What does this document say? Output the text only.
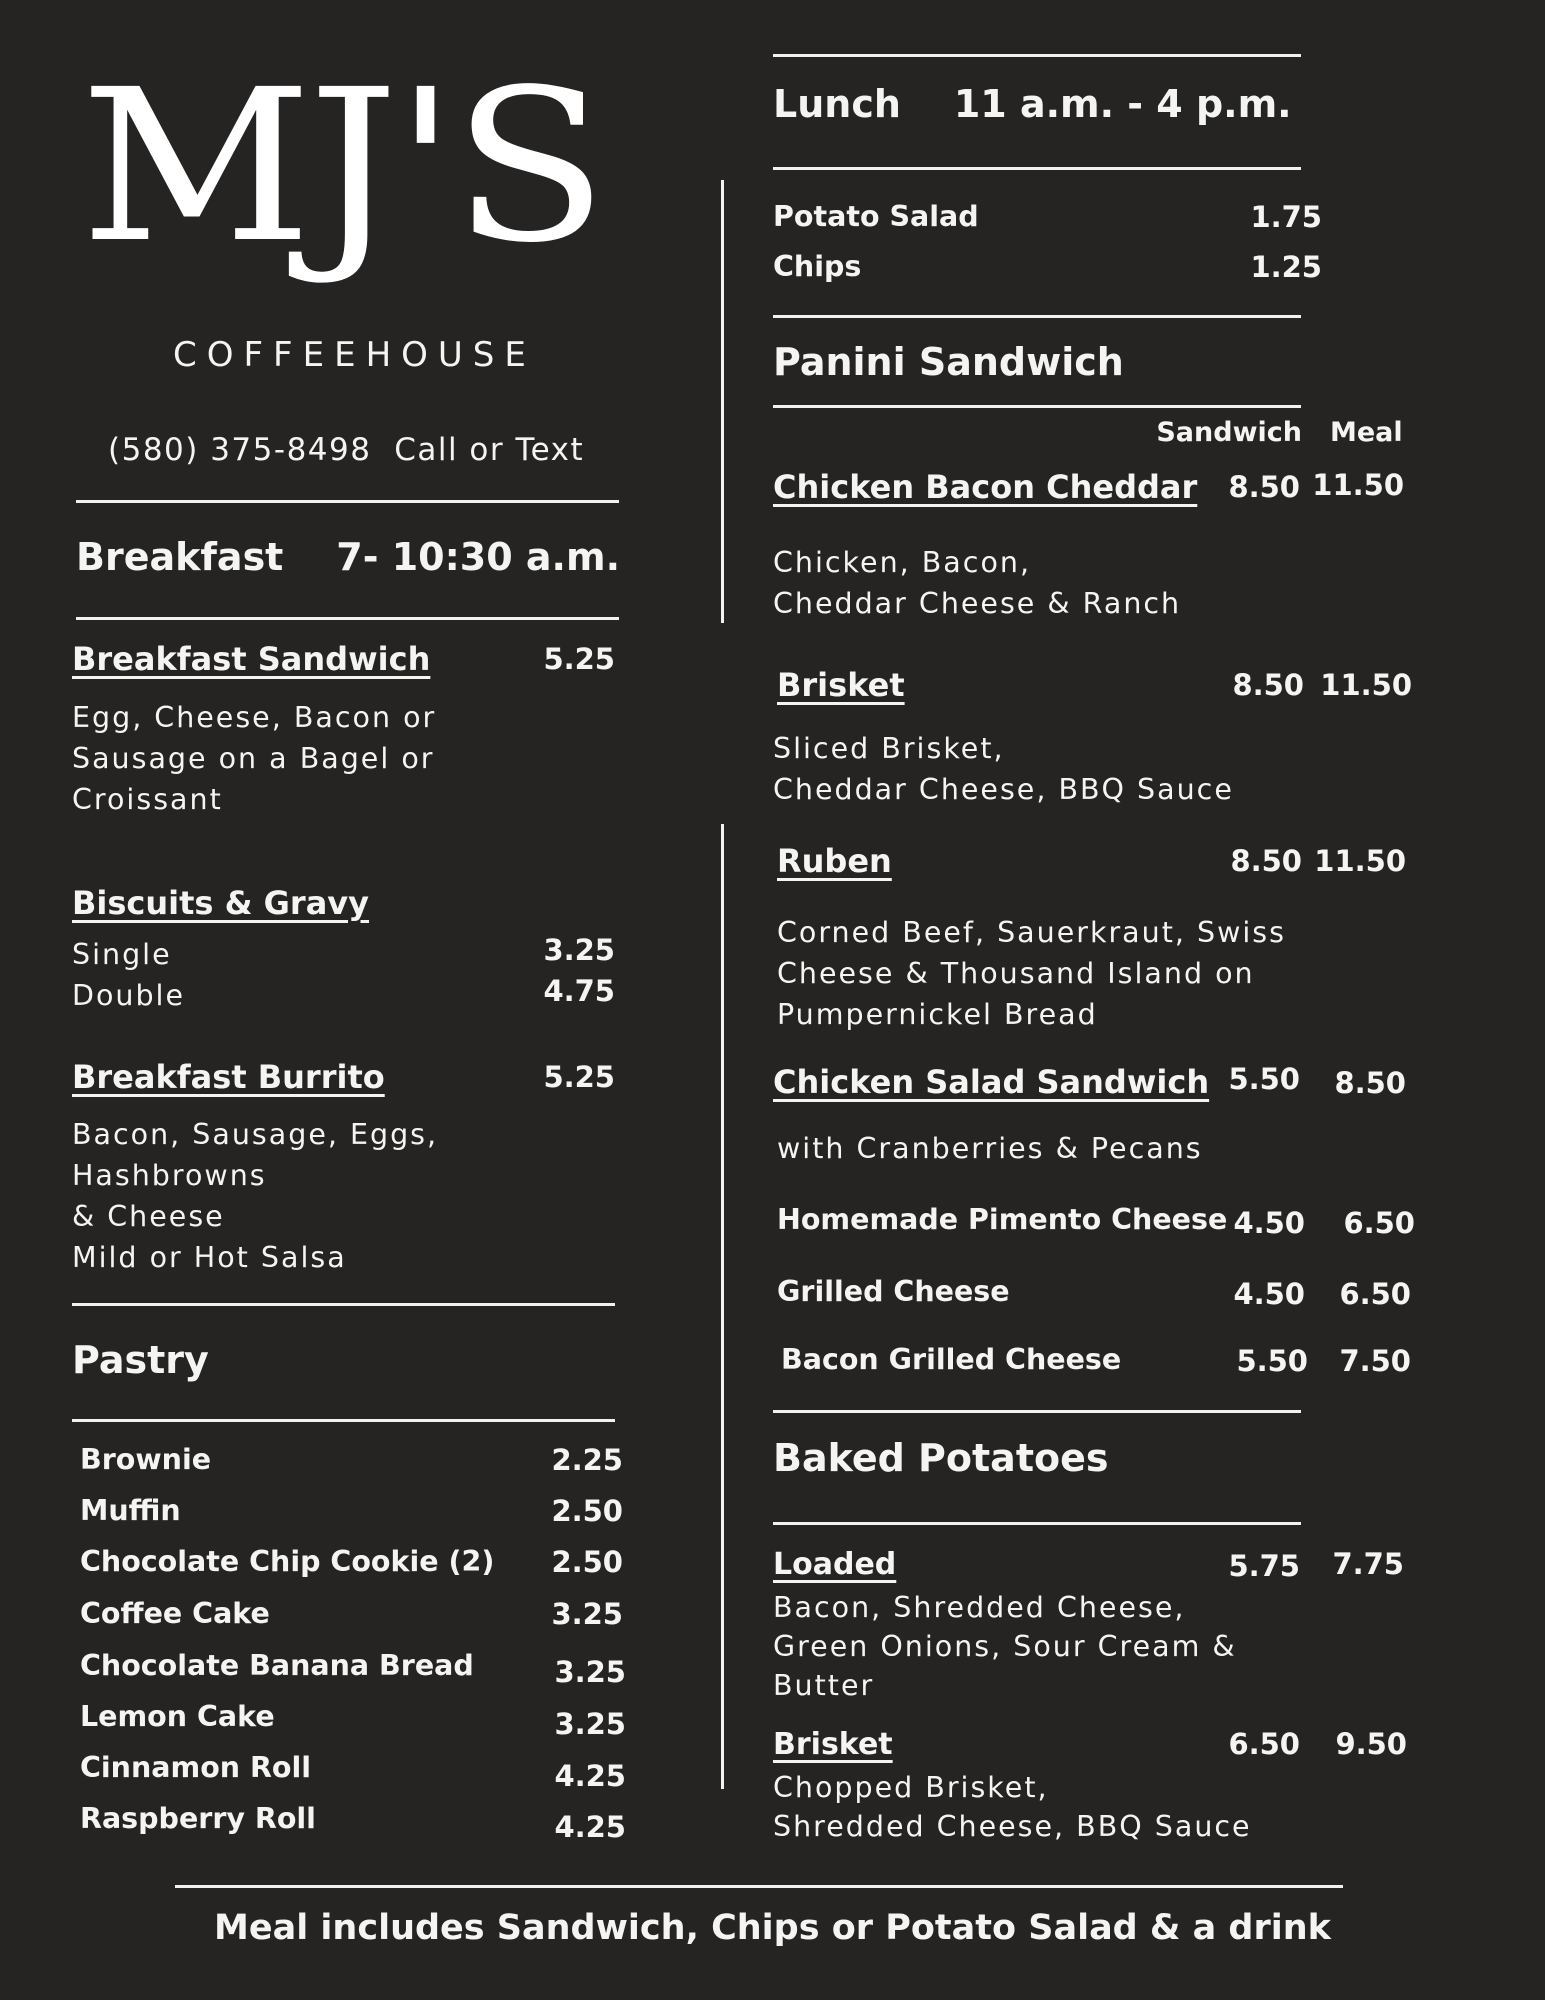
MJ'S
COFFEEHOUSE
(580) 375-8498 Call or Text
Breakfast 7- 10:30 a.m.
Breakfast Sandwich	5.25
Egg, Cheese, Bacon or
Sausage on a Bagel or
Croissant
Biscuits & Gravy
Single	3.25
Double	4.75
Breakfast Burrito	5.25
Bacon, Sausage, Eggs,
Hashbrowns
& Cheese
Mild or Hot Salsa
Pastry
Brownie	2.25
Muffin	2.50
Chocolate Chip Cookie (2)	2.50
Coffee Cake	3.25
Chocolate Banana Bread	3.25
Lemon Cake	3.25
Cinnamon Roll	4.25
Raspberry Roll	4.25
Lunch 11 a.m. - 4 p.m.
Potato Salad	1.75
Chips	1.25
Panini Sandwich
Sandwich Meal
Chicken Bacon Cheddar	8.50 11.50
Chicken, Bacon,
Cheddar Cheese & Ranch
Brisket	8.50 11.50
Sliced Brisket,
Cheddar Cheese, BBQ Sauce
Ruben	8.50 11.50
Corned Beef, Sauerkraut, Swiss
Cheese & Thousand Island on
Pumpernickel Bread
Chicken Salad Sandwich 5.50	8.50
with Cranberries & Pecans
Homemade Pimento Cheese 4.50	6.50
Grilled Cheese	4.50	6.50
Bacon Grilled Cheese	5.50	7.50
Baked Potatoes
Loaded	5.75	7.75
Bacon, Shredded Cheese,
Green Onions, Sour Cream &
Butter
Brisket	6.50	9.50
Chopped Brisket,
Shredded Cheese, BBQ Sauce
Meal includes Sandwich, Chips or Potato Salad & a drink
